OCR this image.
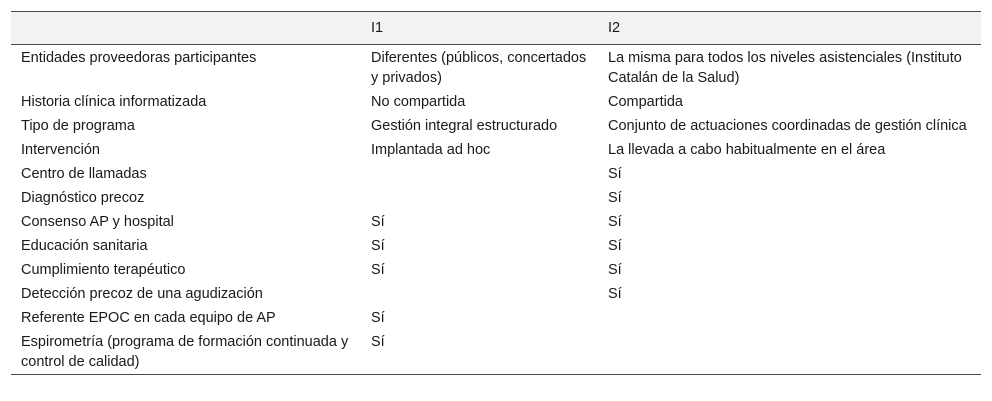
	I1	I2
Entidades proveedoras participantes	Diferentes (públicos, concertados y privados)	La misma para todos los niveles asistenciales (Instituto Catalán de la Salud)
Historia clínica informatizada	No compartida	Compartida
Tipo de programa	Gestión integral estructurado	Conjunto de actuaciones coordinadas de gestión clínica
Intervención	Implantada ad hoc	La llevada a cabo habitualmente en el área
Centro de llamadas		Sí
Diagnóstico precoz		Sí
Consenso AP y hospital	Sí	Sí
Educación sanitaria	Sí	Sí
Cumplimiento terapéutico	Sí	Sí
Detección precoz de una agudización		Sí
Referente EPOC en cada equipo de AP	Sí	
Espirometría (programa de formación continuada y control de calidad)	Sí	
